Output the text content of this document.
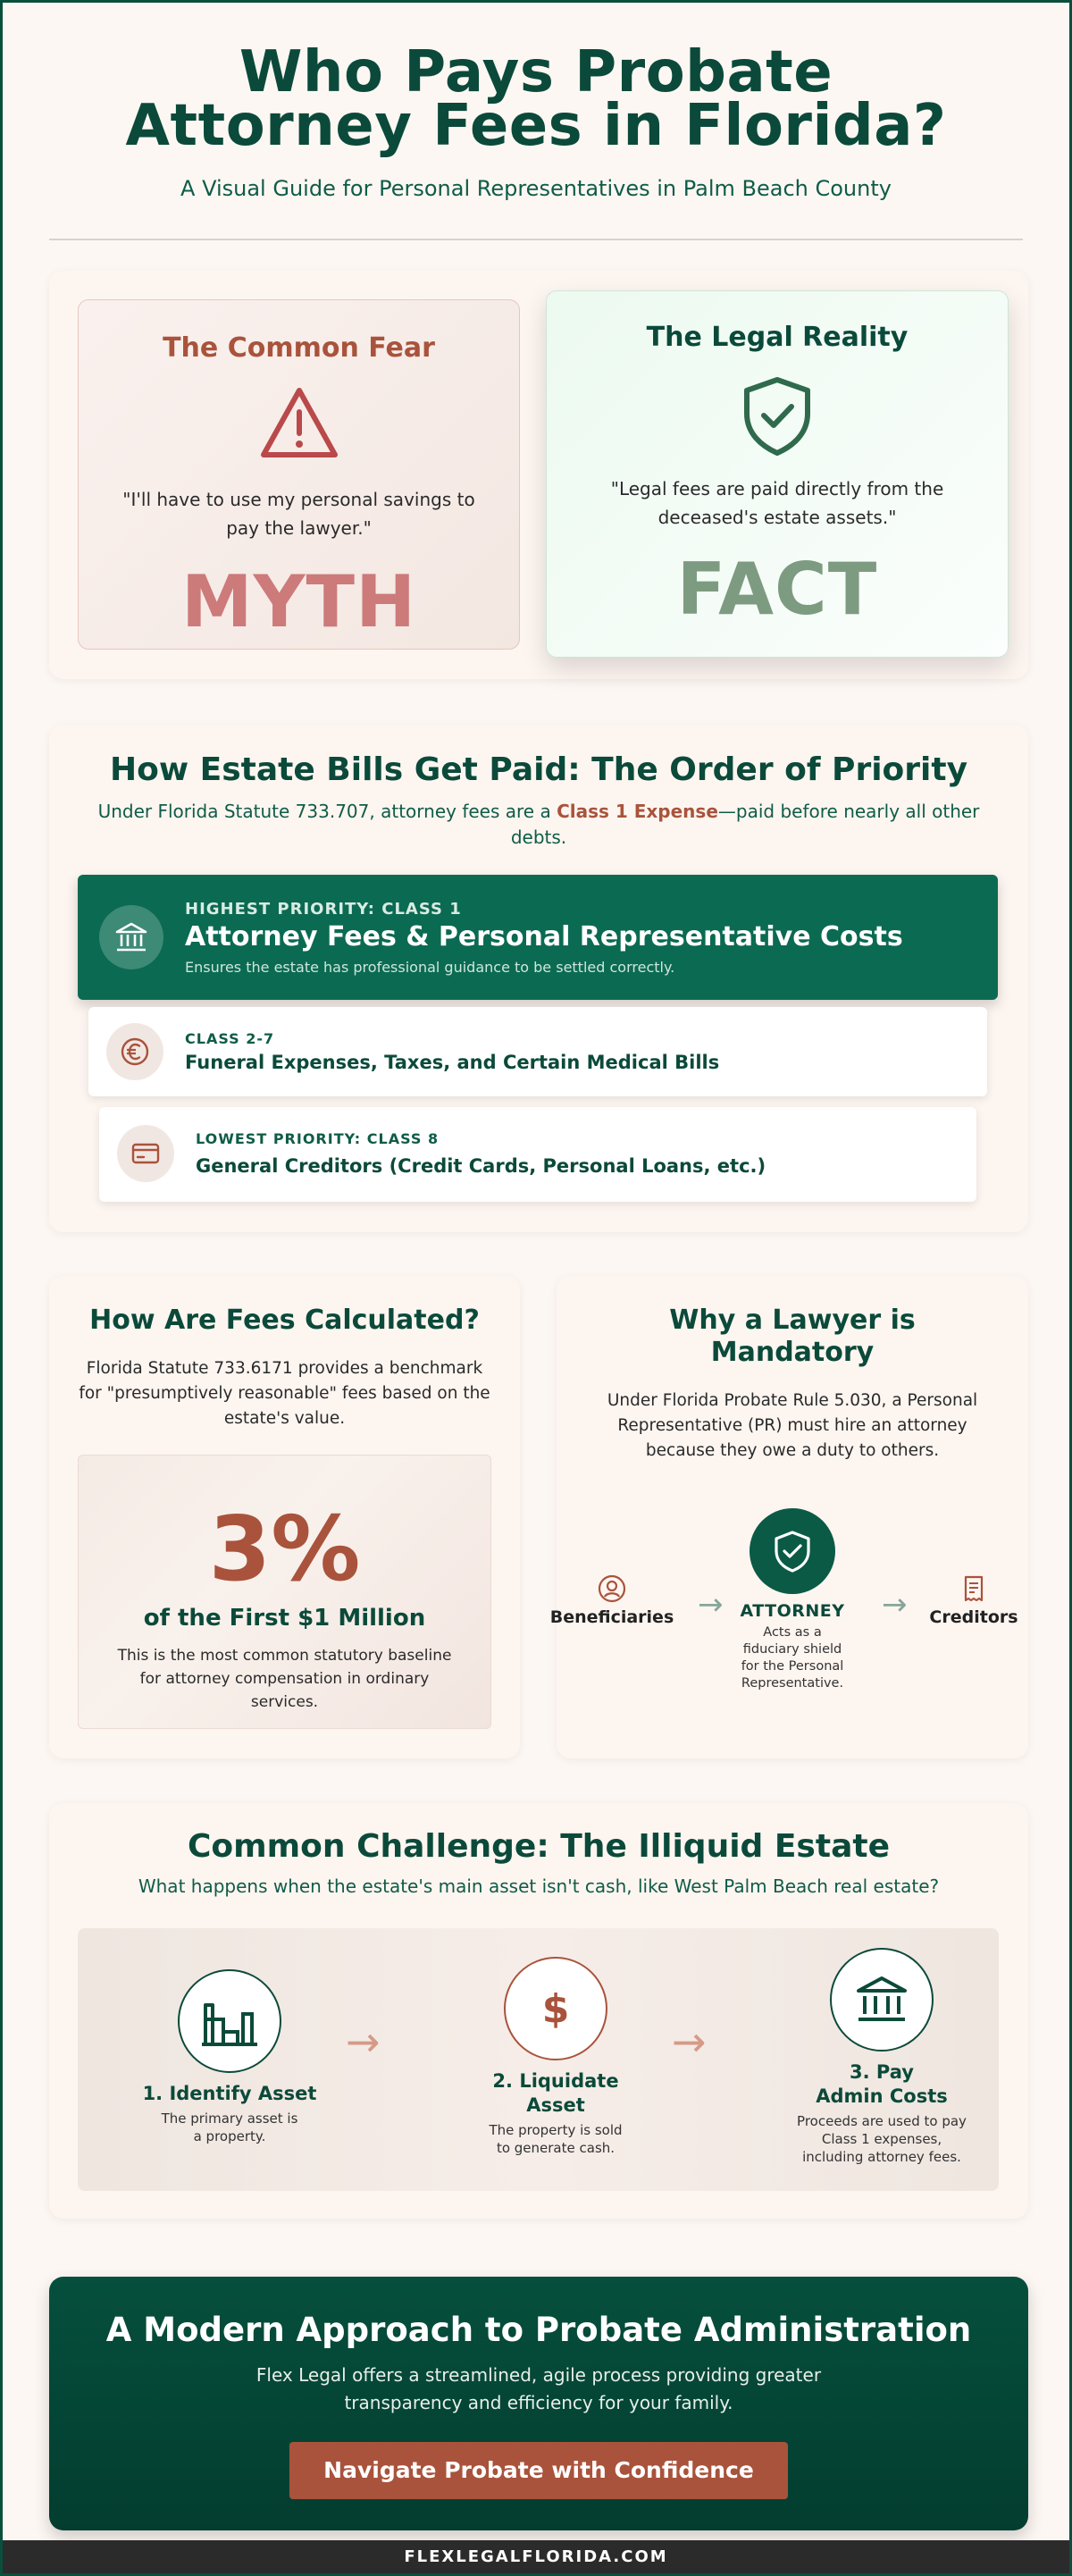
Who Pays Probate Attorney Fees in Florida?
A Visual Guide for Personal Representatives in Palm Beach County
The Common Fear
"I'll have to use my personal savings to pay the lawyer."
MYTH
The Legal Reality
"Legal fees are paid directly from the deceased's estate assets."
FACT
How Estate Bills Get Paid: The Order of Priority
Under Florida Statute 733.707, attorney fees are a Class 1 Expense—paid before nearly all other debts.
HIGHEST PRIORITY: CLASS 1
Attorney Fees & Personal Representative Costs
Ensures the estate has professional guidance to be settled correctly.
CLASS 2-7
Funeral Expenses, Taxes, and Certain Medical Bills
LOWEST PRIORITY: CLASS 8
General Creditors (Credit Cards, Personal Loans, etc.)
How Are Fees Calculated?
Florida Statute 733.6171 provides a benchmark for "presumptively reasonable" fees based on the estate's value.
3%
of the First $1 Million
This is the most common statutory baseline for attorney compensation in ordinary services.
Why a Lawyer is Mandatory
Under Florida Probate Rule 5.030, a Personal Representative (PR) must hire an attorney because they owe a duty to others.
Beneficiaries → ATTORNEY
Acts as a fiduciary shield for the Personal Representative.
→	Creditors
Common Challenge: The Illiquid Estate
What happens when the estate's main asset isn't cash, like West Palm Beach real estate?
1. Identify Asset
The primary asset is a property.
→
$
2. Liquidate Asset
The property is sold to generate cash.
→
3. Pay Admin Costs
Proceeds are used to pay Class 1 expenses, including attorney fees.
A Modern Approach to Probate Administration
Flex Legal offers a streamlined, agile process providing greater transparency and efficiency for your family.
Navigate Probate with Confidence
FLEXLEGALFLORIDA.COM
